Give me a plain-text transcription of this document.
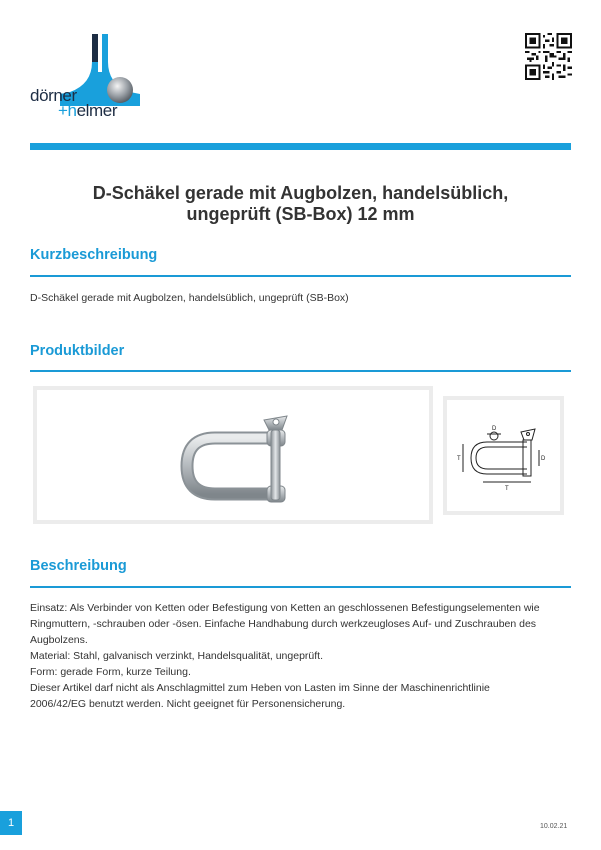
dörner
+helmer
D-Schäkel gerade mit Augbolzen, handelsüblich,
ungeprüft (SB-Box) 12 mm
Kurzbeschreibung
D-Schäkel gerade mit Augbolzen, handelsüblich, ungeprüft (SB-Box)
Produktbilder
D
D
T
T
Beschreibung
Einsatz: Als Verbinder von Ketten oder Befestigung von Ketten an geschlossenen Befestigungselementen wie
Ringmuttern, -schrauben oder -ösen. Einfache Handhabung durch werkzeugloses Auf- und Zuschrauben des
Augbolzens.
Material: Stahl, galvanisch verzinkt, Handelsqualität, ungeprüft.
Form: gerade Form, kurze Teilung.
Dieser Artikel darf nicht als Anschlagmittel zum Heben von Lasten im Sinne der Maschinenrichtlinie
2006/42/EG benutzt werden. Nicht geeignet für Personensicherung.
1	10.02.21
